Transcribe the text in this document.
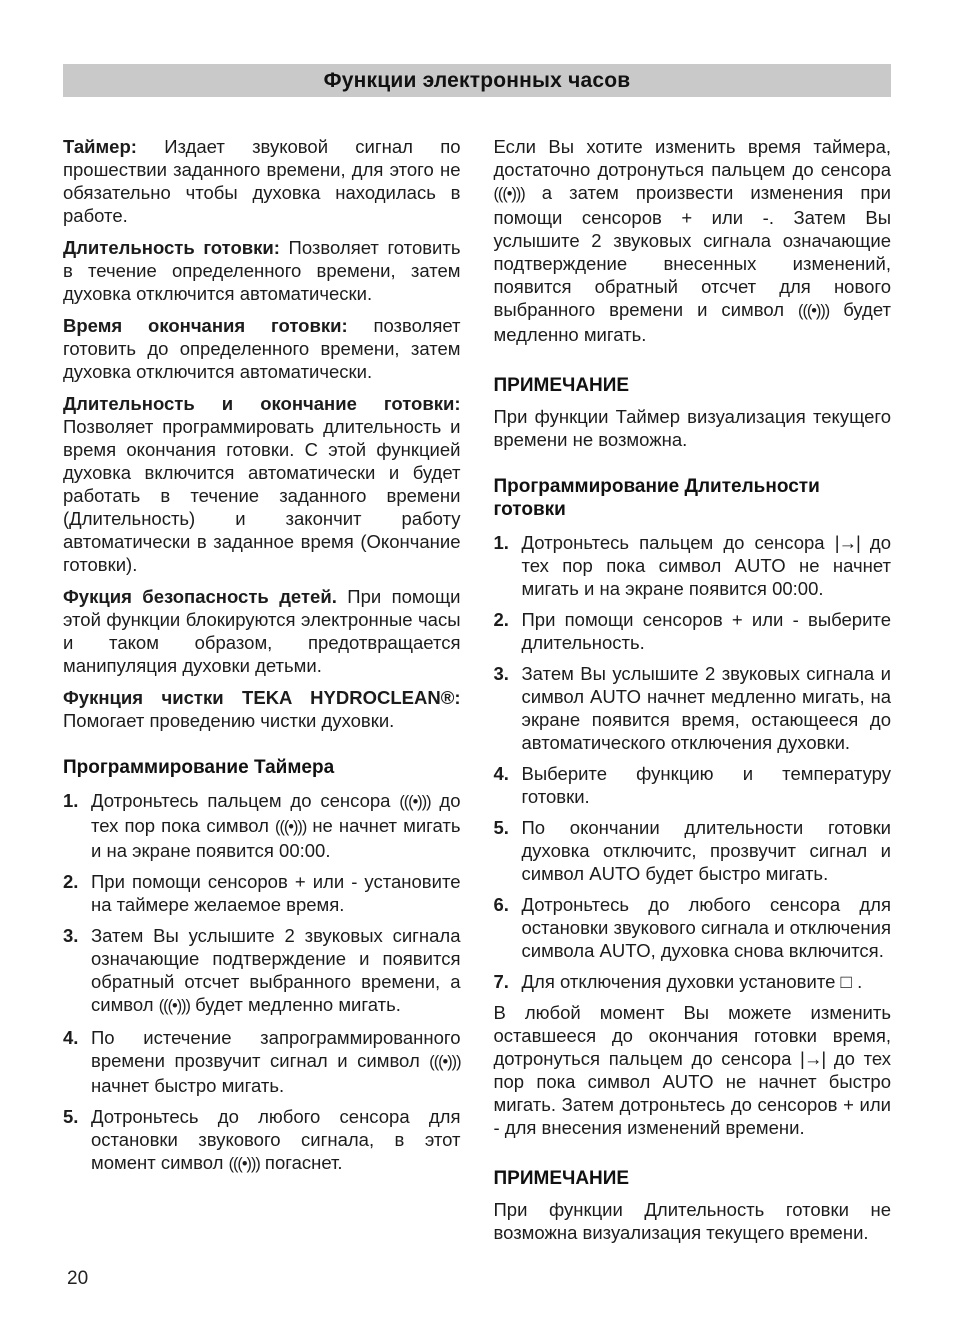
Функции электронных часов

Таймер: Издает звуковой сигнал по прошествии заданного времени, для этого не обязательно чтобы духовка находилась в работе.

Длительность готовки: Позволяет готовить в течение определенного времени, затем духовка отключится автоматически.

Время окончания готовки: позволяет готовить до определенного времени, затем духовка отключится автоматически.

Длительность и окончание готовки: Позволяет программировать длительность и время окончания готовки. С этой функцией духовка включится автоматически и будет работать в течение заданного времени (Длительность) и закончит работу автоматически в заданное время (Окончание готовки).

Фукция безопасность детей. При помощи этой функции блокируются электронные часы и таком образом, предотвращается манипуляция духовки детьми.

Фукнция чистки TEKA HYDROCLEAN®: Помогает проведению чистки духовки.

Программирование Таймера
Дотроньтесь пальцем до сенсора (((•))) до тех пор пока символ (((•))) не начнет мигать и на экране появится 00:00.
При помощи сенсоров + или - установите на таймере желаемое время.
Затем Вы услышите 2 звуковых сигнала означающие подтверждение и появится обратный отсчет выбранного времени, а символ (((•))) будет медленно мигать.
По истечение запрограммированного времени прозвучит сигнал и символ (((•))) начнет быстро мигать.
Дотроньтесь до любого сенсора для остановки звукового сигнала, в этот момент символ (((•))) погаснет.

Если Вы хотите изменить время таймера, достаточно дотронуться пальцем до сенсора (((•))) а затем произвести изменения при помощи сенсоров + или -. Затем Вы услышите 2 звуковых сигнала означающие подтверждение внесенных изменений, появится обратный отсчет для нового выбранного времени и символ (((•))) будет медленно мигать.

ПРИМЕЧАНИЕ

При функции Таймер визуализация текущего времени не возможна.

Программирование Длительности готовки
Дотроньтесь пальцем до сенсора |→| до тех пор пока символ AUTO не начнет мигать и на экране появится 00:00.
При помощи сенсоров + или - выберите длительность.
Затем Вы услышите 2 звуковых сигнала и символ AUTO начнет медленно мигать, на экране появится время, остающееся до автоматического отключения духовки.
Выберите функцию и температуру готовки.
По окончании длительности готовки духовка отключитс, прозвучит сигнал и символ AUTO будет быстро мигать.
Дотроньтесь до любого сенсора для остановки звукового сигнала и отключения символа AUTO, духовка снова включится.
Для отключения духовки установите □ .

В любой момент Вы можете изменить оставшееся до окончания готовки время, дотронуться пальцем до сенсора |→| до тех пор пока символ AUTO не начнет быстро мигать. Затем дотроньтесь до сенсоров + или - для внесения изменений времени.

ПРИМЕЧАНИЕ

При функции Длительность готовки не возможна визуализация текущего времени.

20
